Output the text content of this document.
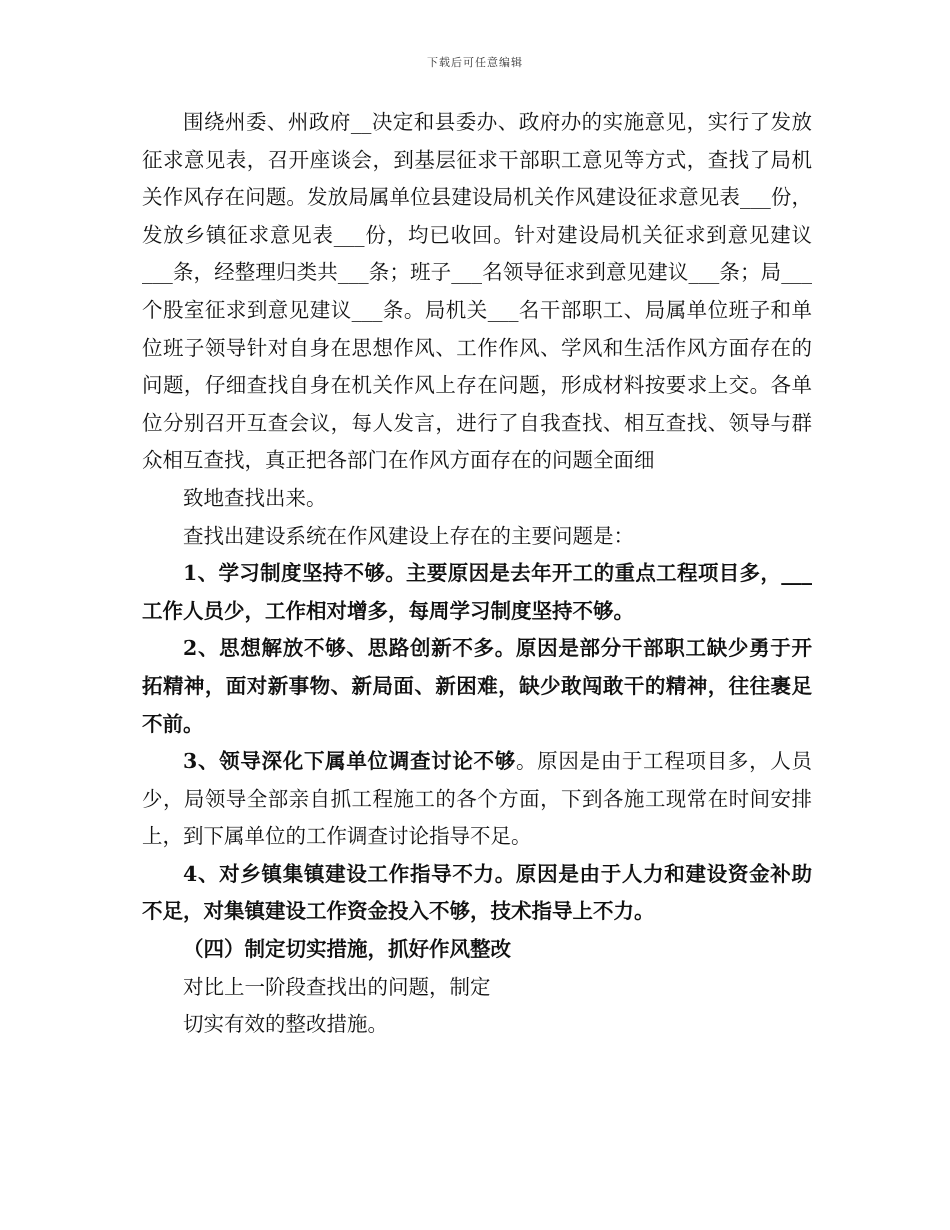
下载后可任意编辑

围绕州委、州政府__决定和县委办、政府办的实施意见，实行了发放征求意见表，召开座谈会，到基层征求干部职工意见等方式，查找了局机关作风存在问题。发放局属单位县建设局机关作风建设征求意见表___份，发放乡镇征求意见表___份，均已收回。针对建设局机关征求到意见建议___条，经整理归类共___条；班子___名领导征求到意见建议___条；局___个股室征求到意见建议___条。局机关___名干部职工、局属单位班子和单位班子领导针对自身在思想作风、工作作风、学风和生活作风方面存在的问题，仔细查找自身在机关作风上存在问题，形成材料按要求上交。各单位分别召开互查会议，每人发言，进行了自我查找、相互查找、领导与群众相互查找，真正把各部门在作风方面存在的问题全面细

致地查找出来。

查找出建设系统在作风建设上存在的主要问题是：

1、学习制度坚持不够。主要原因是去年开工的重点工程项目多，___工作人员少，工作相对增多，每周学习制度坚持不够。

2、思想解放不够、思路创新不多。原因是部分干部职工缺少勇于开拓精神，面对新事物、新局面、新困难，缺少敢闯敢干的精神，往往裹足不前。

3、领导深化下属单位调查讨论不够。原因是由于工程项目多，人员少，局领导全部亲自抓工程施工的各个方面，下到各施工现常在时间安排上，到下属单位的工作调查讨论指导不足。

4、对乡镇集镇建设工作指导不力。原因是由于人力和建设资金补助不足，对集镇建设工作资金投入不够，技术指导上不力。

（四）制定切实措施，抓好作风整改

对比上一阶段查找出的问题，制定

切实有效的整改措施。
